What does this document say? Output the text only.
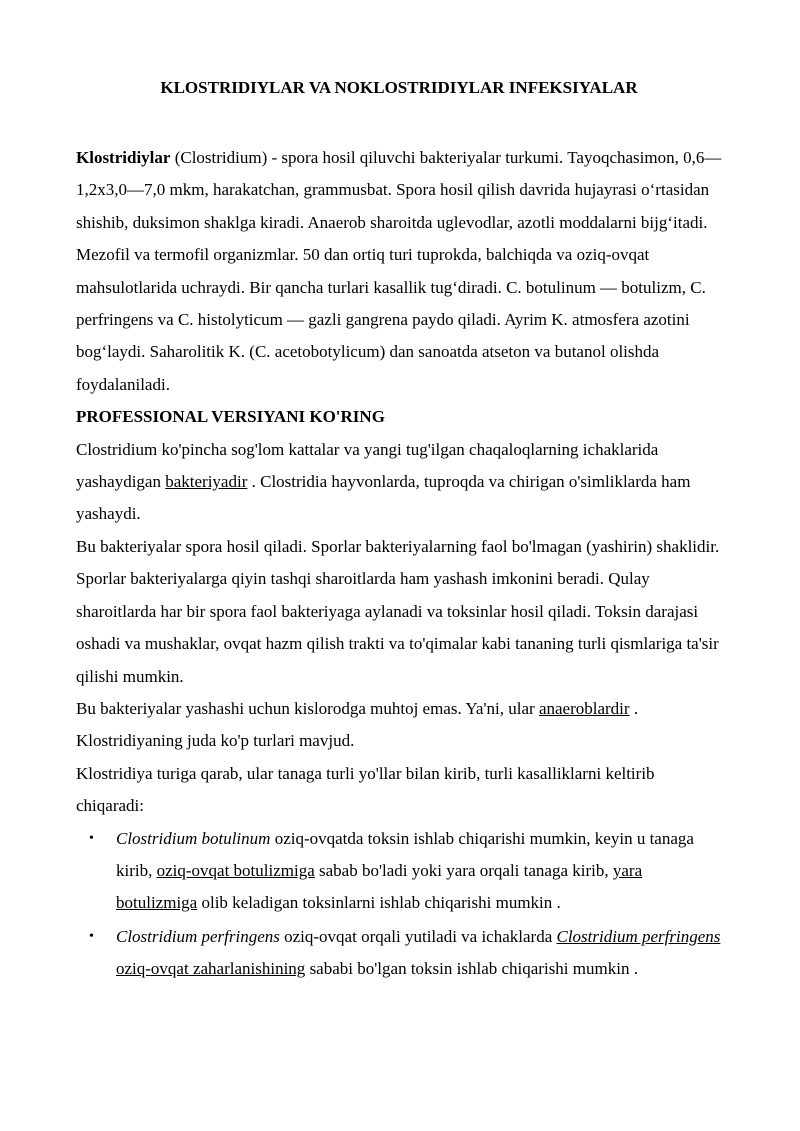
KLOSTRIDIYLAR VA NOKLOSTRIDIYLAR INFEKSIYALAR

Klostridiylar (Clostridium) - spora hosil qiluvchi bakteriyalar turkumi. Tayoqchasimon, 0,6—1,2x3,0—7,0 mkm, harakatchan, grammusbat. Spora hosil qilish davrida hujayrasi o‘rtasidan shishib, duksimon shaklga kiradi. Anaerob sharoitda uglevodlar, azotli moddalarni bijg‘itadi. Mezofil va termofil organizmlar. 50 dan ortiq turi tuprokda, balchiqda va oziq-ovqat mahsulotlarida uchraydi. Bir qancha turlari kasallik tug‘diradi. C. botulinum — botulizm, C. perfringens va C. histolyticum — gazli gangrena paydo qiladi. Ayrim K. atmosfera azotini bog‘laydi. Saharolitik K. (C. acetobotylicum) dan sanoatda atseton va butanol olishda foydalaniladi.

PROFESSIONAL VERSIYANI KO'RING

Clostridium ko'pincha sog'lom kattalar va yangi tug'ilgan chaqaloqlarning ichaklarida yashaydigan bakteriyadir . Clostridia hayvonlarda, tuproqda va chirigan o'simliklarda ham yashaydi.

Bu bakteriyalar spora hosil qiladi. Sporlar bakteriyalarning faol bo'lmagan (yashirin) shaklidir. Sporlar bakteriyalarga qiyin tashqi sharoitlarda ham yashash imkonini beradi. Qulay sharoitlarda har bir spora faol bakteriyaga aylanadi va toksinlar hosil qiladi. Toksin darajasi oshadi va mushaklar, ovqat hazm qilish trakti va to'qimalar kabi tananing turli qismlariga ta'sir qilishi mumkin.

Bu bakteriyalar yashashi uchun kislorodga muhtoj emas. Ya'ni, ular anaeroblardir .

Klostridiyaning juda ko'p turlari mavjud.

Klostridiya turiga qarab, ular tanaga turli yo'llar bilan kirib, turli kasalliklarni keltirib chiqaradi:

• Clostridium botulinum oziq-ovqatda toksin ishlab chiqarishi mumkin, keyin u tanaga kirib, oziq-ovqat botulizmiga sabab bo'ladi yoki yara orqali tanaga kirib, yara botulizmiga olib keladigan toksinlarni ishlab chiqarishi mumkin .
• Clostridium perfringens oziq-ovqat orqali yutiladi va ichaklarda Clostridium perfringens oziq-ovqat zaharlanishining sababi bo'lgan toksin ishlab chiqarishi mumkin .
